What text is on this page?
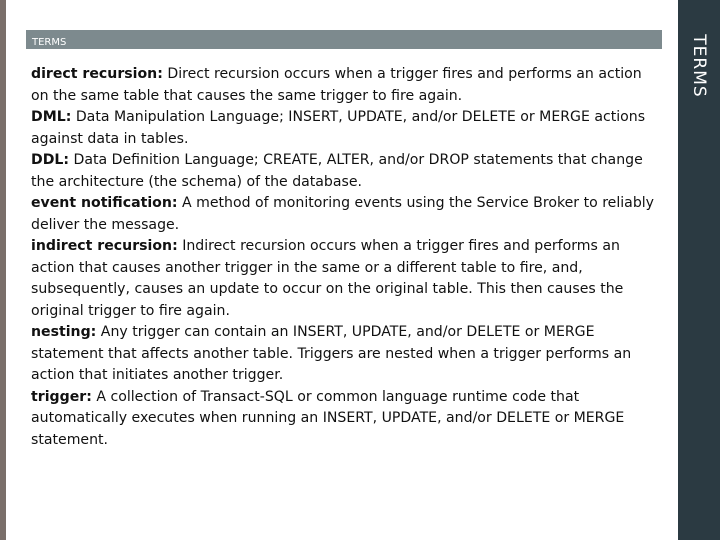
TERMS	TERMS

direct recursion: Direct recursion occurs when a trigger fires and performs an action on the same table that causes the same trigger to fire again.

DML: Data Manipulation Language; INSERT, UPDATE, and/or DELETE or MERGE actions against data in tables.

DDL: Data Definition Language; CREATE, ALTER, and/or DROP statements that change the architecture (the schema) of the database.

event notification: A method of monitoring events using the Service Broker to reliably deliver the message.

indirect recursion: Indirect recursion occurs when a trigger fires and performs an action that causes another trigger in the same or a different table to fire, and, subsequently, causes an update to occur on the original table. This then causes the original trigger to fire again.

nesting: Any trigger can contain an INSERT, UPDATE, and/or DELETE or MERGE statement that affects another table. Triggers are nested when a trigger performs an action that initiates another trigger.

trigger: A collection of Transact-SQL or common language runtime code that automatically executes when running an INSERT, UPDATE, and/or DELETE or MERGE statement.
